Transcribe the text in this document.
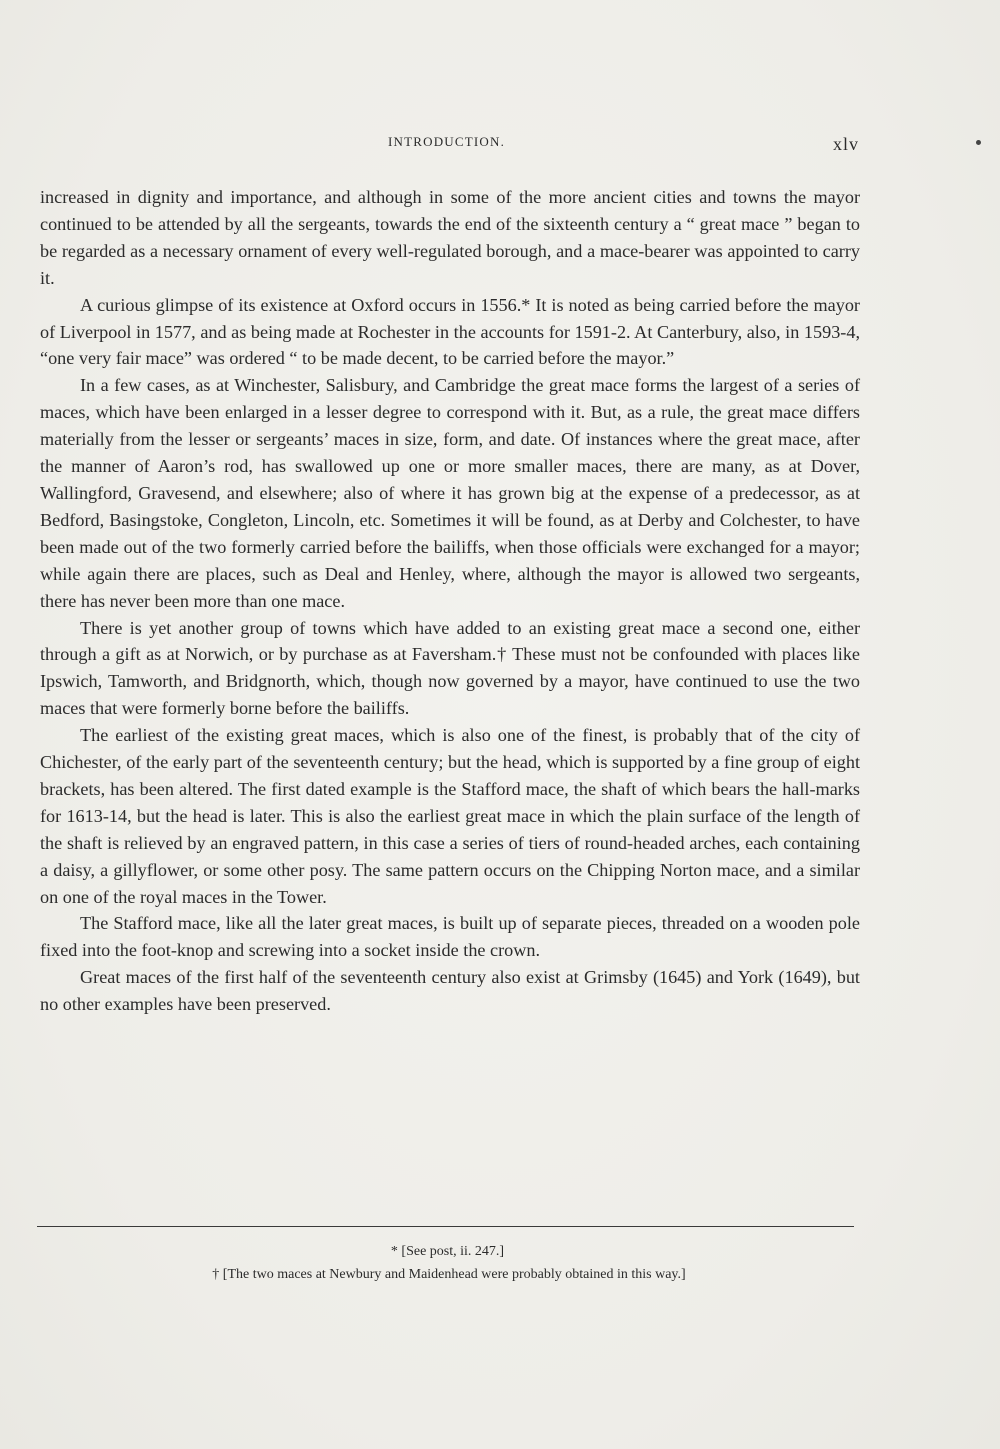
INTRODUCTION.	xlv

increased in dignity and importance, and although in some of the more ancient cities and towns the mayor continued to be attended by all the sergeants, towards the end of the sixteenth century a “ great mace ” began to be regarded as a necessary ornament of every well-regulated borough, and a mace-bearer was appointed to carry it.

A curious glimpse of its existence at Oxford occurs in 1556.* It is noted as being carried before the mayor of Liverpool in 1577, and as being made at Rochester in the accounts for 1591-2. At Canterbury, also, in 1593-4, “one very fair mace” was ordered “ to be made decent, to be carried before the mayor.”

In a few cases, as at Winchester, Salisbury, and Cambridge the great mace forms the largest of a series of maces, which have been enlarged in a lesser degree to correspond with it. But, as a rule, the great mace differs materially from the lesser or sergeants’ maces in size, form, and date. Of instances where the great mace, after the manner of Aaron’s rod, has swallowed up one or more smaller maces, there are many, as at Dover, Wallingford, Gravesend, and elsewhere; also of where it has grown big at the expense of a predecessor, as at Bedford, Basingstoke, Congleton, Lincoln, etc. Sometimes it will be found, as at Derby and Colchester, to have been made out of the two formerly carried before the bailiffs, when those officials were exchanged for a mayor; while again there are places, such as Deal and Henley, where, although the mayor is allowed two sergeants, there has never been more than one mace.

There is yet another group of towns which have added to an existing great mace a second one, either through a gift as at Norwich, or by purchase as at Faversham.† These must not be confounded with places like Ipswich, Tamworth, and Bridgnorth, which, though now governed by a mayor, have continued to use the two maces that were formerly borne before the bailiffs.

The earliest of the existing great maces, which is also one of the finest, is probably that of the city of Chichester, of the early part of the seventeenth century; but the head, which is supported by a fine group of eight brackets, has been altered. The first dated example is the Stafford mace, the shaft of which bears the hall-marks for 1613-14, but the head is later. This is also the earliest great mace in which the plain surface of the length of the shaft is relieved by an engraved pattern, in this case a series of tiers of round-headed arches, each containing a daisy, a gillyflower, or some other posy. The same pattern occurs on the Chipping Norton mace, and a similar on one of the royal maces in the Tower.

The Stafford mace, like all the later great maces, is built up of separate pieces, threaded on a wooden pole fixed into the foot-knop and screwing into a socket inside the crown.

Great maces of the first half of the seventeenth century also exist at Grimsby (1645) and York (1649), but no other examples have been preserved.

* [See post, ii. 247.]

† [The two maces at Newbury and Maidenhead were probably obtained in this way.]
